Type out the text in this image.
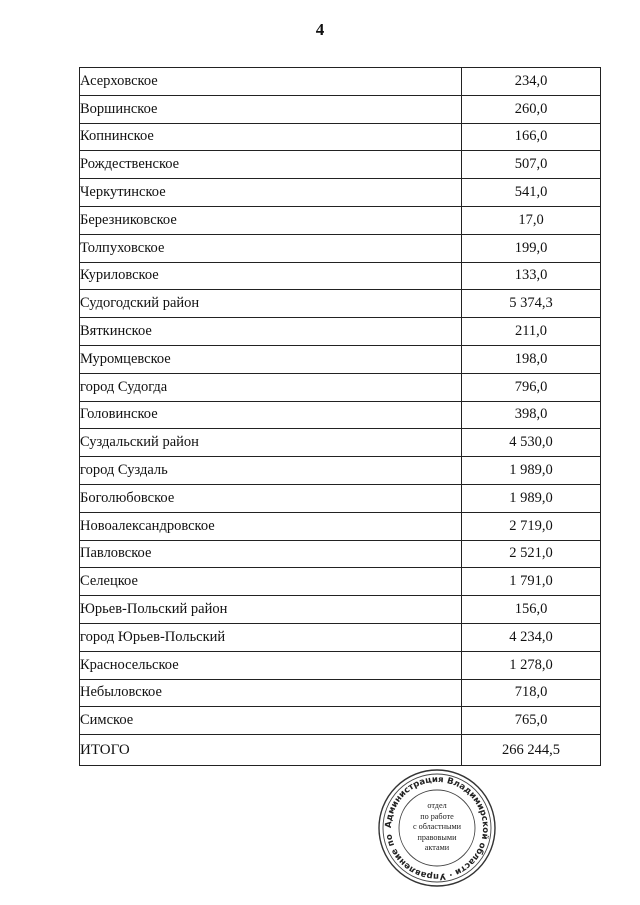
4
Асерховское	234,0
Воршинское	260,0
Копнинское	166,0
Рождественское	507,0
Черкутинское	541,0
Березниковское	17,0
Толпуховское	199,0
Куриловское	133,0
Судогодский район	5 374,3
Вяткинское	211,0
Муромцевское	198,0
город Судогда	796,0
Головинское	398,0
Суздальский район	4 530,0
город Суздаль	1 989,0
Боголюбовское	1 989,0
Новоалександровское	2 719,0
Павловское	2 521,0
Селецкое	1 791,0
Юрьев-Польский район	156,0
город Юрьев-Польский	4 234,0
Красносельское	1 278,0
Небыловское	718,0
Симское	765,0
ИТОГО	266 244,5
Администрация Владимирской области · Управление по
отдел
по работе
с областными
правовыми
актами
